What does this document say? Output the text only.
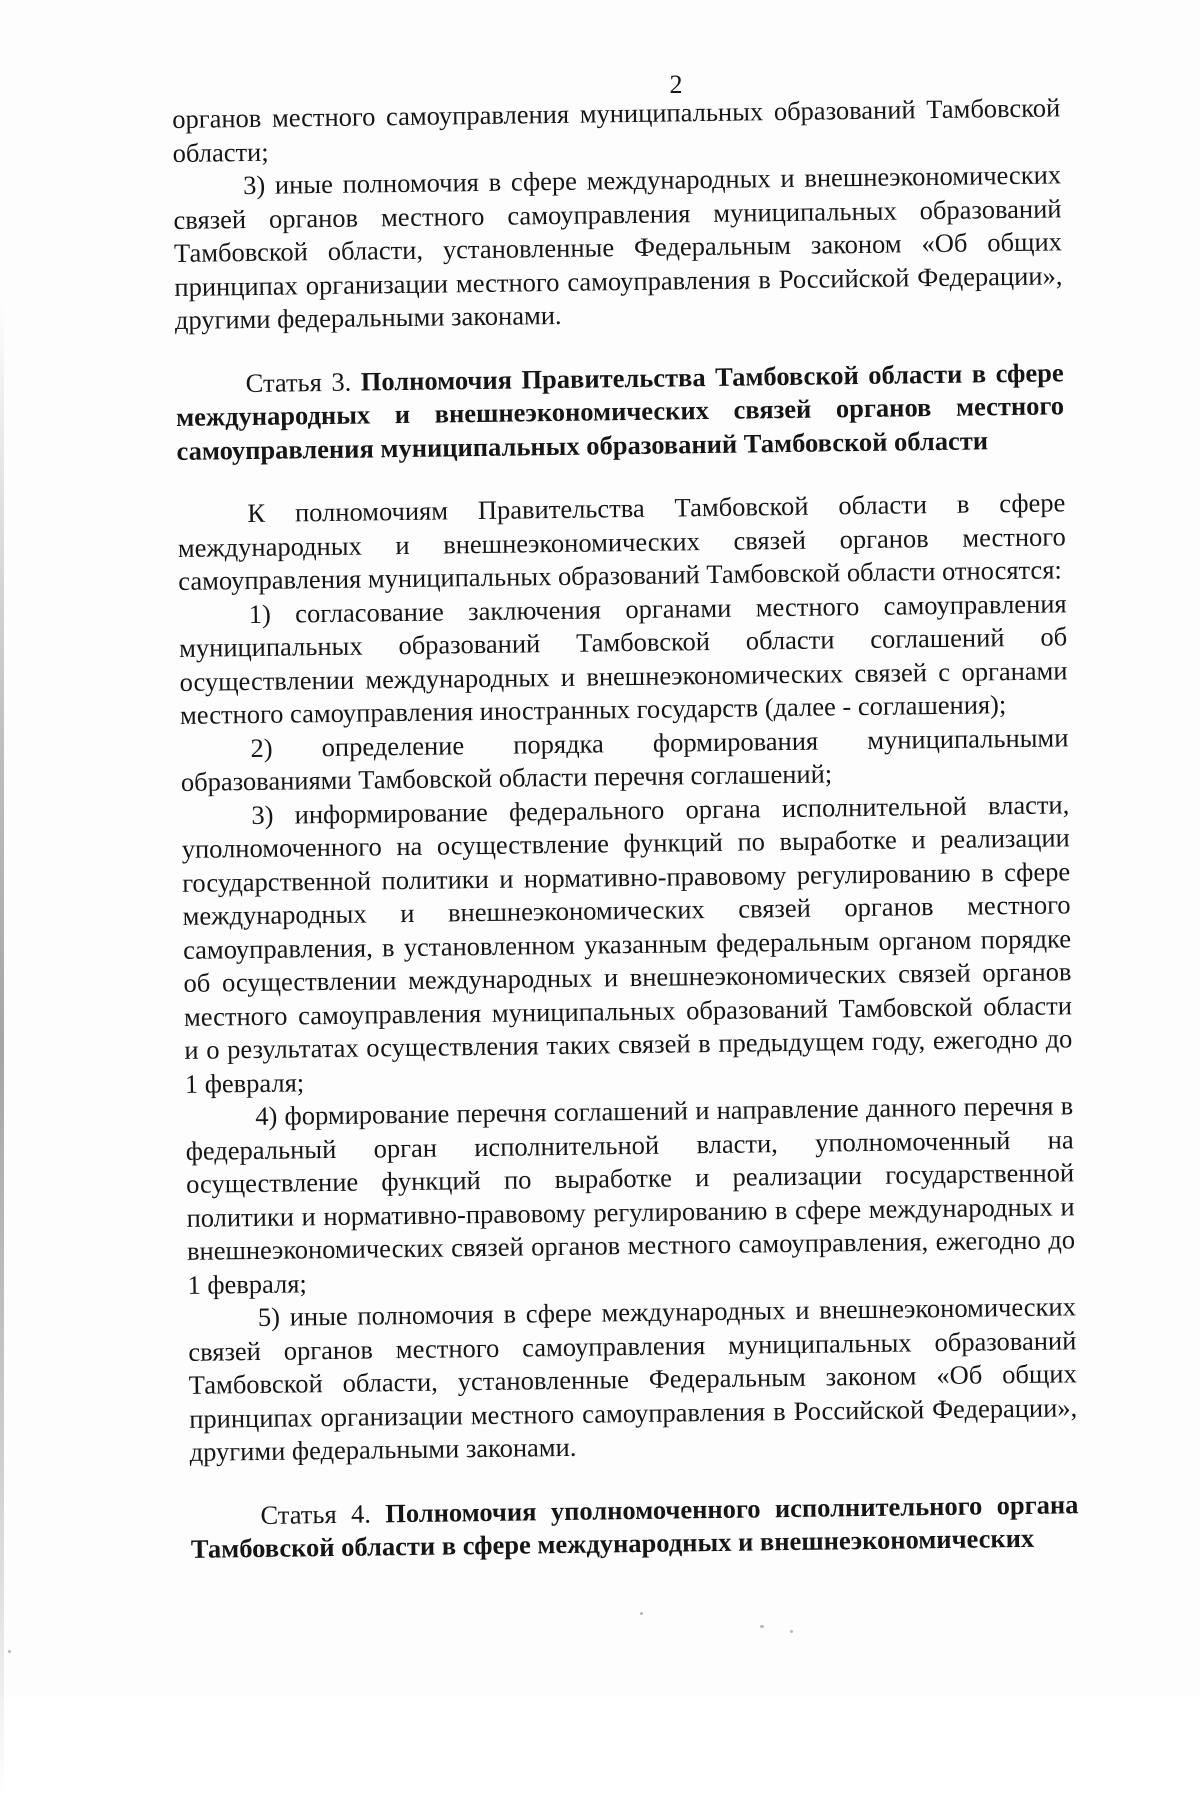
2

органов местного самоуправления муниципальных образований Тамбовской области;

3) иные полномочия в сфере международных и внешнеэкономических связей органов местного самоуправления муниципальных образований Тамбовской области, установленные Федеральным законом «Об общих принципах организации местного самоуправления в Российской Федерации», другими федеральными законами.

Статья 3. Полномочия Правительства Тамбовской области в сфере международных и внешнеэкономических связей органов местного самоуправления муниципальных образований Тамбовской области

К полномочиям Правительства Тамбовской области в сфере международных и внешнеэкономических связей органов местного самоуправления муниципальных образований Тамбовской области относятся:

1) согласование заключения органами местного самоуправления муниципальных образований Тамбовской области соглашений об осуществлении международных и внешнеэкономических связей с органами местного самоуправления иностранных государств (далее - соглашения);

2) определение порядка формирования муниципальными образованиями Тамбовской области перечня соглашений;

3) информирование федерального органа исполнительной власти, уполномоченного на осуществление функций по выработке и реализации государственной политики и нормативно-правовому регулированию в сфере международных и внешнеэкономических связей органов местного самоуправления, в установленном указанным федеральным органом порядке об осуществлении международных и внешнеэкономических связей органов местного самоуправления муниципальных образований Тамбовской области и о результатах осуществления таких связей в предыдущем году, ежегодно до 1 февраля;

4) формирование перечня соглашений и направление данного перечня в федеральный орган исполнительной власти, уполномоченный на осуществление функций по выработке и реализации государственной политики и нормативно-правовому регулированию в сфере международных и внешнеэкономических связей органов местного самоуправления, ежегодно до 1 февраля;

5) иные полномочия в сфере международных и внешнеэкономических связей органов местного самоуправления муниципальных образований Тамбовской области, установленные Федеральным законом «Об общих принципах организации местного самоуправления в Российской Федерации», другими федеральными законами.

Статья 4. Полномочия уполномоченного исполнительного органа Тамбовской области в сфере международных и внешнеэкономических
